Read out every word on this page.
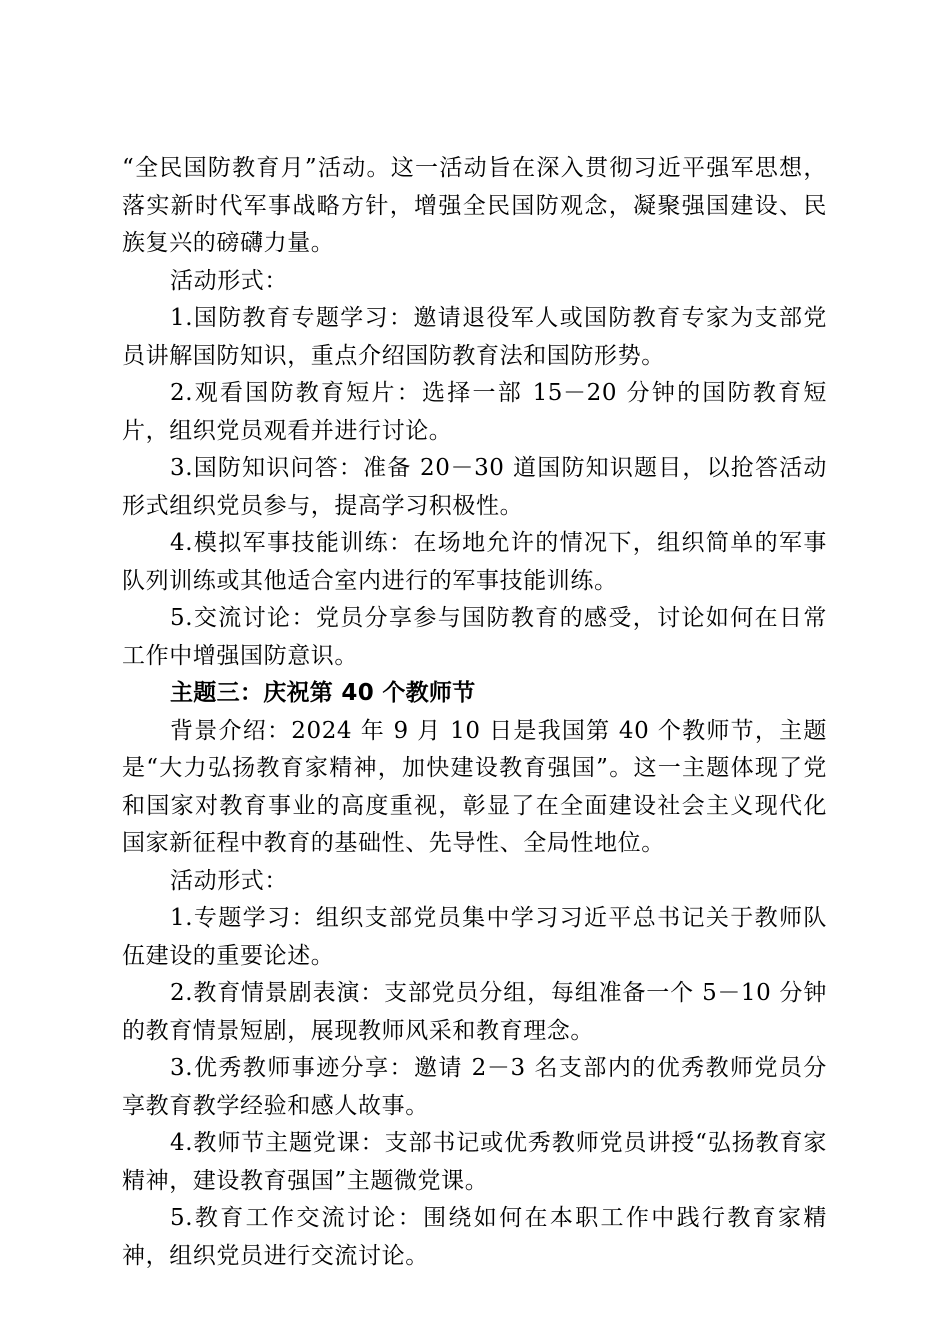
“全民国防教育月”活动。这一活动旨在深入贯彻习近平强军思想，落实新时代军事战略方针，增强全民国防观念，凝聚强国建设、民族复兴的磅礴力量。

活动形式：

1.国防教育专题学习：邀请退役军人或国防教育专家为支部党员讲解国防知识，重点介绍国防教育法和国防形势。

2.观看国防教育短片：选择一部 15－20 分钟的国防教育短片，组织党员观看并进行讨论。

3.国防知识问答：准备 20－30 道国防知识题目，以抢答活动形式组织党员参与，提高学习积极性。

4.模拟军事技能训练：在场地允许的情况下，组织简单的军事队列训练或其他适合室内进行的军事技能训练。

5.交流讨论：党员分享参与国防教育的感受，讨论如何在日常工作中增强国防意识。

主题三：庆祝第 40 个教师节

背景介绍：2024 年 9 月 10 日是我国第 40 个教师节，主题是“大力弘扬教育家精神，加快建设教育强国”。这一主题体现了党和国家对教育事业的高度重视，彰显了在全面建设社会主义现代化国家新征程中教育的基础性、先导性、全局性地位。

活动形式：

1.专题学习：组织支部党员集中学习习近平总书记关于教师队伍建设的重要论述。

2.教育情景剧表演：支部党员分组，每组准备一个 5－10 分钟的教育情景短剧，展现教师风采和教育理念。

3.优秀教师事迹分享：邀请 2－3 名支部内的优秀教师党员分享教育教学经验和感人故事。

4.教师节主题党课：支部书记或优秀教师党员讲授“弘扬教育家精神，建设教育强国”主题微党课。

5.教育工作交流讨论：围绕如何在本职工作中践行教育家精神，组织党员进行交流讨论。
